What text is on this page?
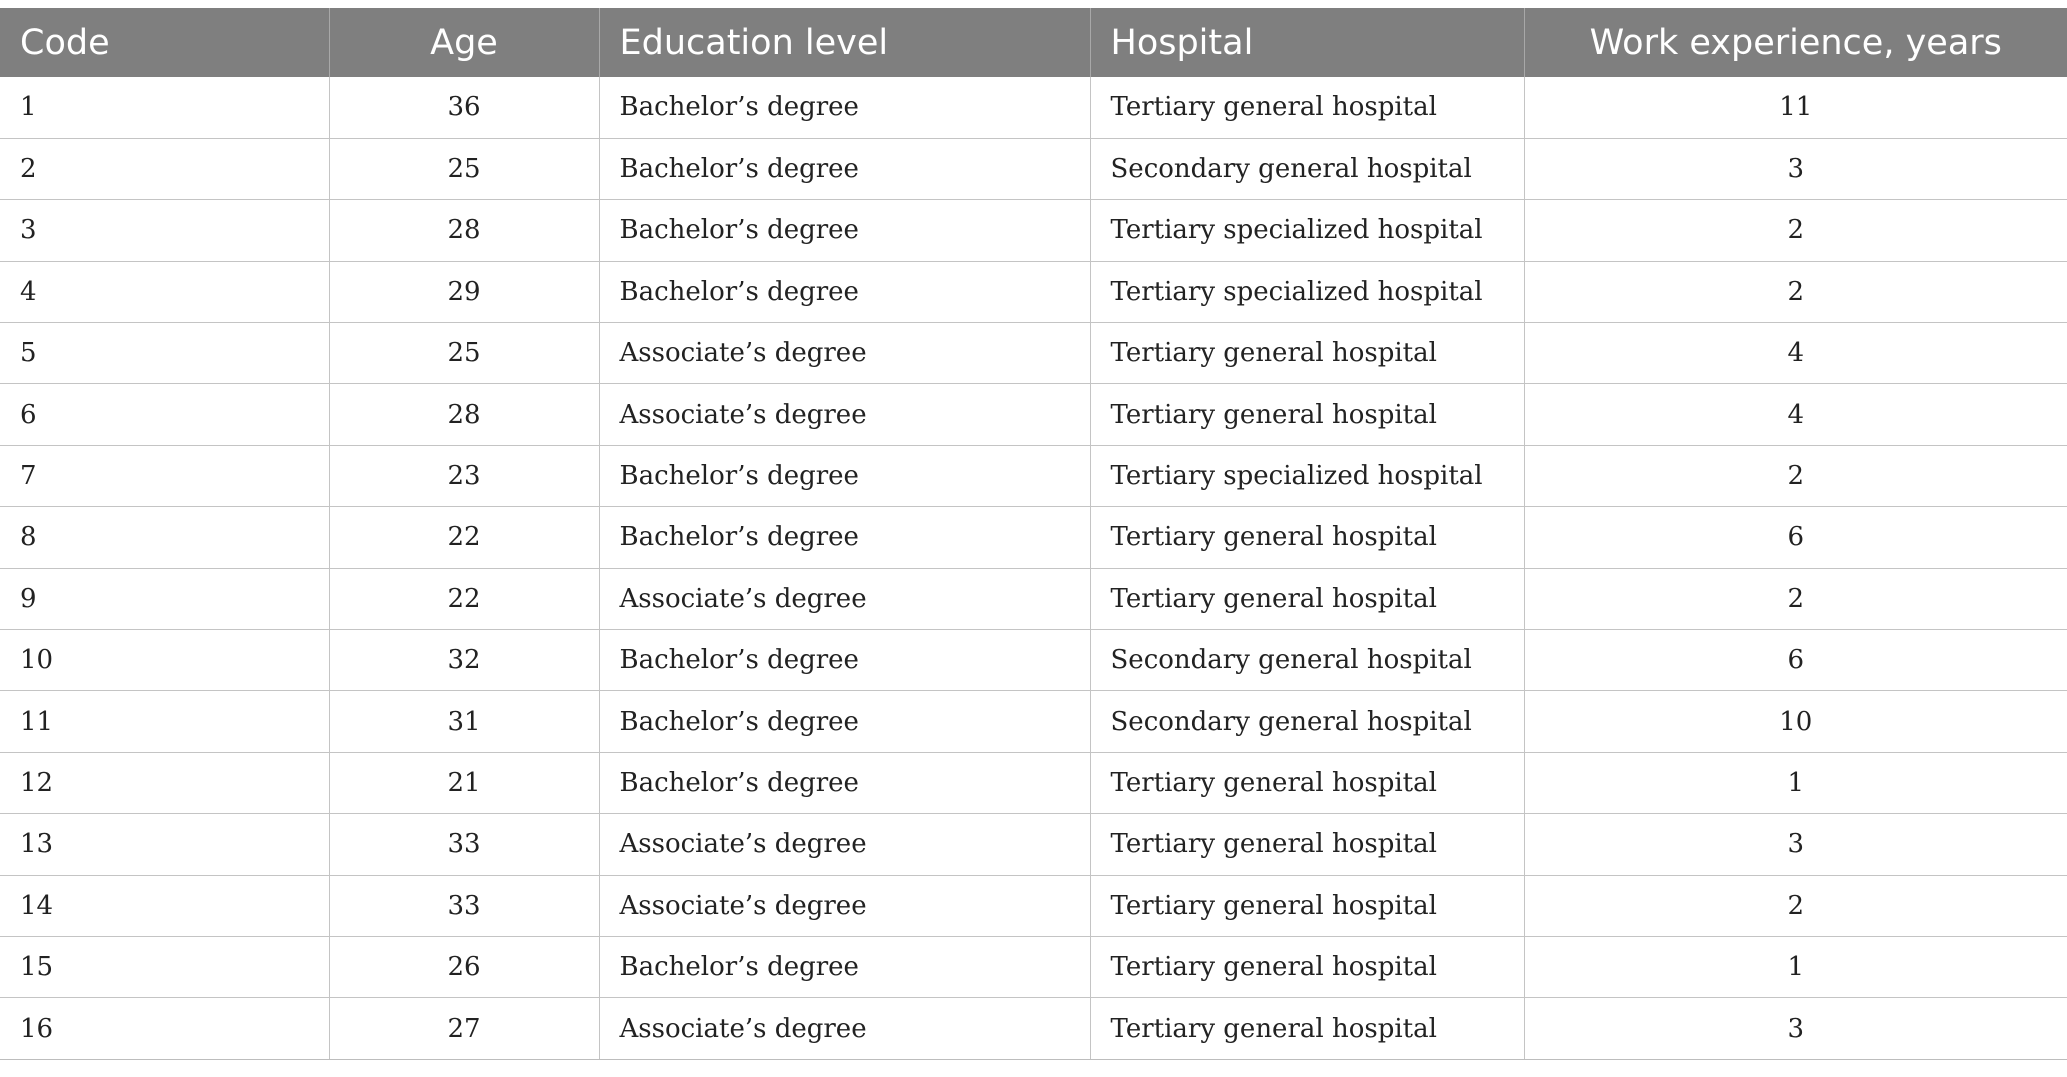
Code	Age	Education level	Hospital	Work experience, years
1	36	Bachelor’s degree	Tertiary general hospital	11
2	25	Bachelor’s degree	Secondary general hospital	3
3	28	Bachelor’s degree	Tertiary specialized hospital	2
4	29	Bachelor’s degree	Tertiary specialized hospital	2
5	25	Associate’s degree	Tertiary general hospital	4
6	28	Associate’s degree	Tertiary general hospital	4
7	23	Bachelor’s degree	Tertiary specialized hospital	2
8	22	Bachelor’s degree	Tertiary general hospital	6
9	22	Associate’s degree	Tertiary general hospital	2
10	32	Bachelor’s degree	Secondary general hospital	6
11	31	Bachelor’s degree	Secondary general hospital	10
12	21	Bachelor’s degree	Tertiary general hospital	1
13	33	Associate’s degree	Tertiary general hospital	3
14	33	Associate’s degree	Tertiary general hospital	2
15	26	Bachelor’s degree	Tertiary general hospital	1
16	27	Associate’s degree	Tertiary general hospital	3
